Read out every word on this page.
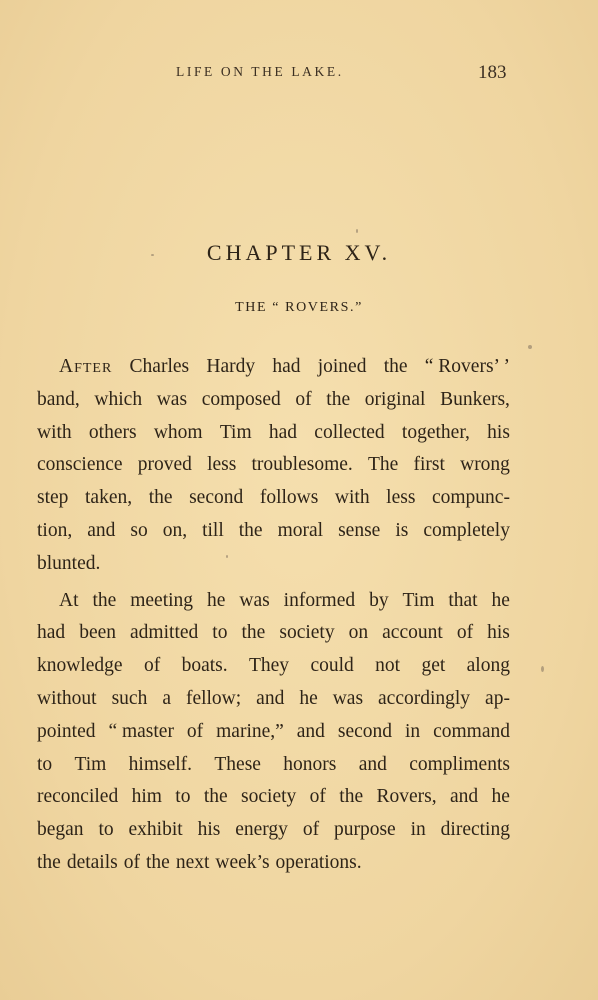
LIFE ON THE LAKE.	183
CHAPTER XV.
THE “ ROVERS.”
After Charles Hardy had joined the “ Rovers’ ’
band, which was composed of the original Bunkers,
with others whom Tim had collected together, his
conscience proved less troublesome. The first wrong
step taken, the second follows with less compunc-
tion, and so on, till the moral sense is completely
blunted.
At the meeting he was informed by Tim that he
had been admitted to the society on account of his
knowledge of boats. They could not get along
without such a fellow; and he was accordingly ap-
pointed “ master of marine,” and second in command
to Tim himself. These honors and compliments
reconciled him to the society of the Rovers, and he
began to exhibit his energy of purpose in directing
the details of the next week’s operations.
